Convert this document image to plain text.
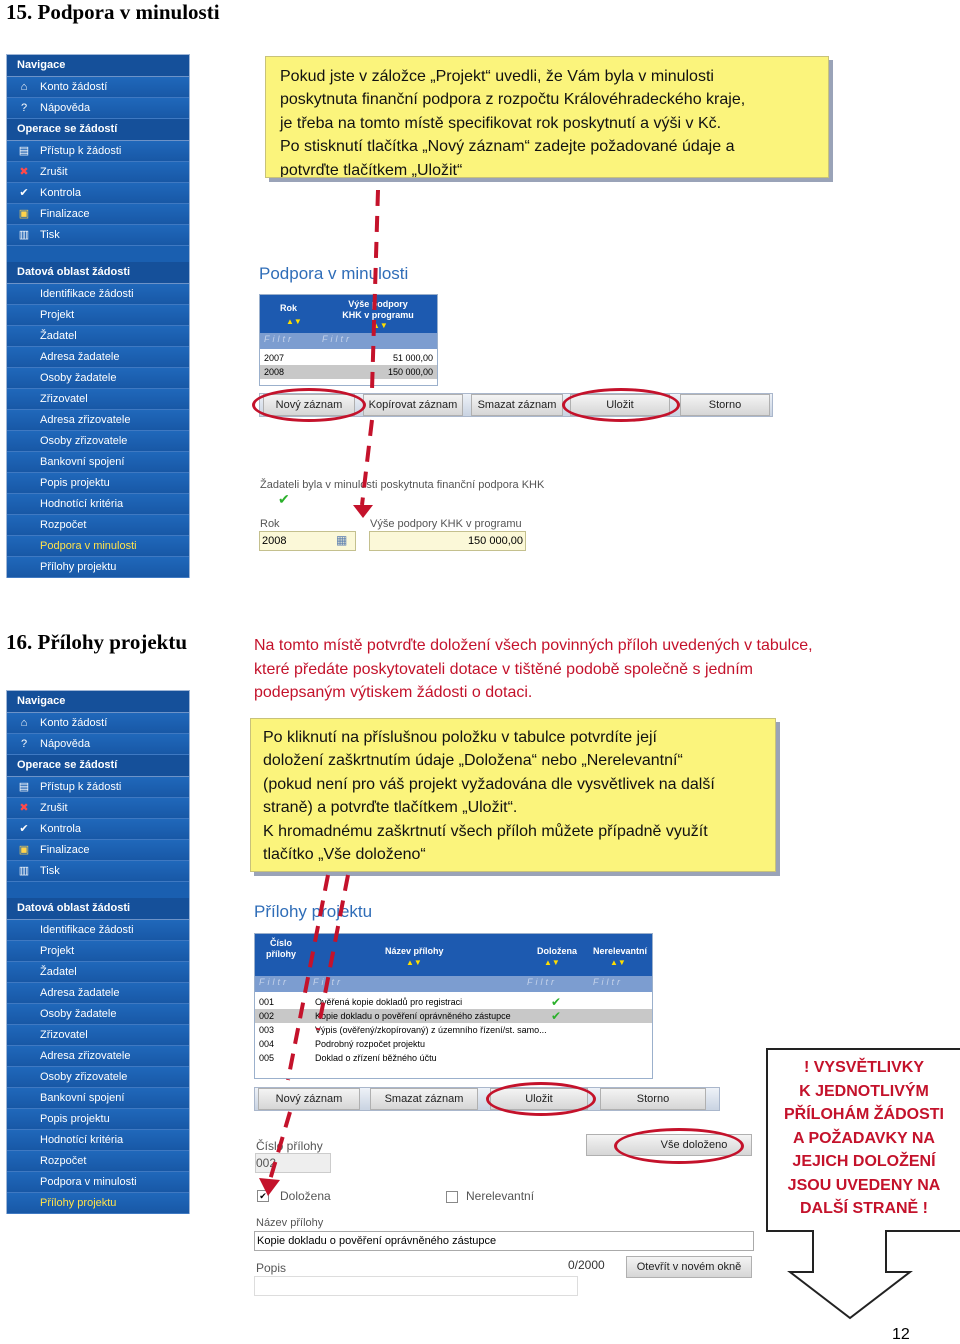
15. Podpora v minulosti
Navigace
⌂	Konto žádostí
?	Nápověda
Operace se žádostí
▤ Přístup k žádosti
✖ Zrušit
✔ Kontrola
▣ Finalizace
▥ Tisk
Datová oblast žádosti
Identifikace žádosti
Projekt
Žadatel
Adresa žadatele
Osoby žadatele
Zřizovatel
Adresa zřizovatele
Osoby zřizovatele
Bankovní spojení
Popis projektu
Hodnotící kritéria
Rozpočet
Podpora v minulosti
Přílohy projektu
Pokud jste v záložce „Projekt“ uvedli, že Vám byla v minulosti
poskytnuta finanční podpora z rozpočtu Královéhradeckého kraje,
je třeba na tomto místě specifikovat rok poskytnutí a výši v Kč.
Po stisknutí tlačítka „Nový záznam“ zadejte požadované údaje a
potvrďte tlačítkem „Uložit“
Podpora v minulosti
Rok
▲▼
Výše podpory KHK v programu
▲▼
Filtr	Filtr
2007	51 000,00
2008	150 000,00
Nový záznam	Kopírovat záznam	Smazat záznam	Uložit	Storno
Žadateli byla v minulosti poskytnuta finanční podpora KHK
✔
Rok
2008	▦
Výše podpory KHK v programu
150 000,00
16. Přílohy projektu	Na tomto místě potvrďte doložení všech povinných příloh uvedených v tabulce,
které předáte poskytovateli dotace v tištěné podobě společně s jedním
podepsaným výtiskem žádosti o dotaci.
Navigace
⌂	Konto žádostí
?	Nápověda
Operace se žádostí
▤ Přístup k žádosti
✖ Zrušit
✔ Kontrola
▣ Finalizace
▥ Tisk
Datová oblast žádosti
Identifikace žádosti
Projekt
Žadatel
Adresa žadatele
Osoby žadatele
Zřizovatel
Adresa zřizovatele
Osoby zřizovatele
Bankovní spojení
Popis projektu
Hodnotící kritéria
Rozpočet
Podpora v minulosti
Přílohy projektu
Po kliknutí na příslušnou položku v tabulce potvrdíte její
doložení zaškrtnutím údaje „Doložena“ nebo „Nerelevantní“
(pokud není pro váš projekt vyžadována dle vysvětlivek na další
straně) a potvrďte tlačítkem „Uložit“.
K hromadnému zaškrtnutí všech příloh můžete případně využít
tlačítko „Vše doloženo“
Přílohy projektu
Číslo přílohy	Název přílohy
▲▼
Doložena
▲▼
Nerelevantní
▲▼
Filtr	Filtr	Filtr	Filtr
001	Ověřená kopie dokladů pro registraci	✔
002	Kopie dokladu o pověření oprávněného zástupce	✔
003	Výpis (ověřený/zkopírovaný) z územního řízení/st. samo...
004	Podrobný rozpočet projektu
005	Doklad o zřízení běžného účtu
Nový záznam	Smazat záznam	Uložit	Storno
Číslo přílohy
002
Vše doloženo
✔ Doložena	Nerelevantní
Název přílohy
Kopie dokladu o pověření oprávněného zástupce
Popis	0/2000	Otevřít v novém okně
! VYSVĚTLIVKY
K JEDNOTLIVÝM
PŘÍLOHÁM ŽÁDOSTI
A POŽADAVKY NA
JEJICH DOLOŽENÍ
JSOU UVEDENY NA
DALŠÍ STRANĚ !
12
